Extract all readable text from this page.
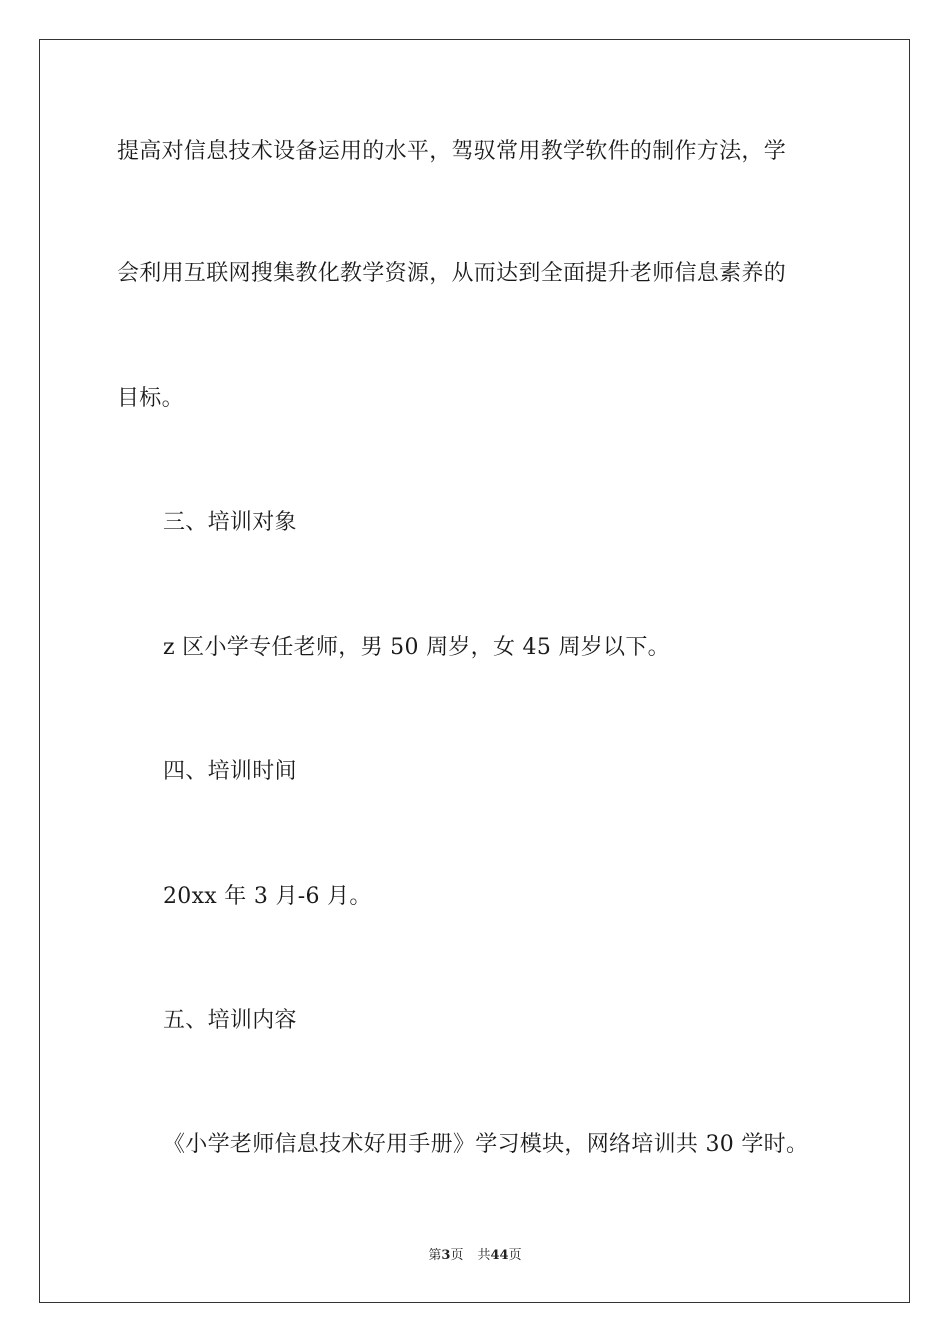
提高对信息技术设备运用的水平，驾驭常用教学软件的制作方法，学
会利用互联网搜集教化教学资源，从而达到全面提升老师信息素养的
目标。
三、培训对象
z 区小学专任老师，男 50 周岁，女 45 周岁以下。
四、培训时间
20xx 年 3 月-6 月。
五、培训内容
《小学老师信息技术好用手册》学习模块，网络培训共 30 学时。
第3页 共44页
